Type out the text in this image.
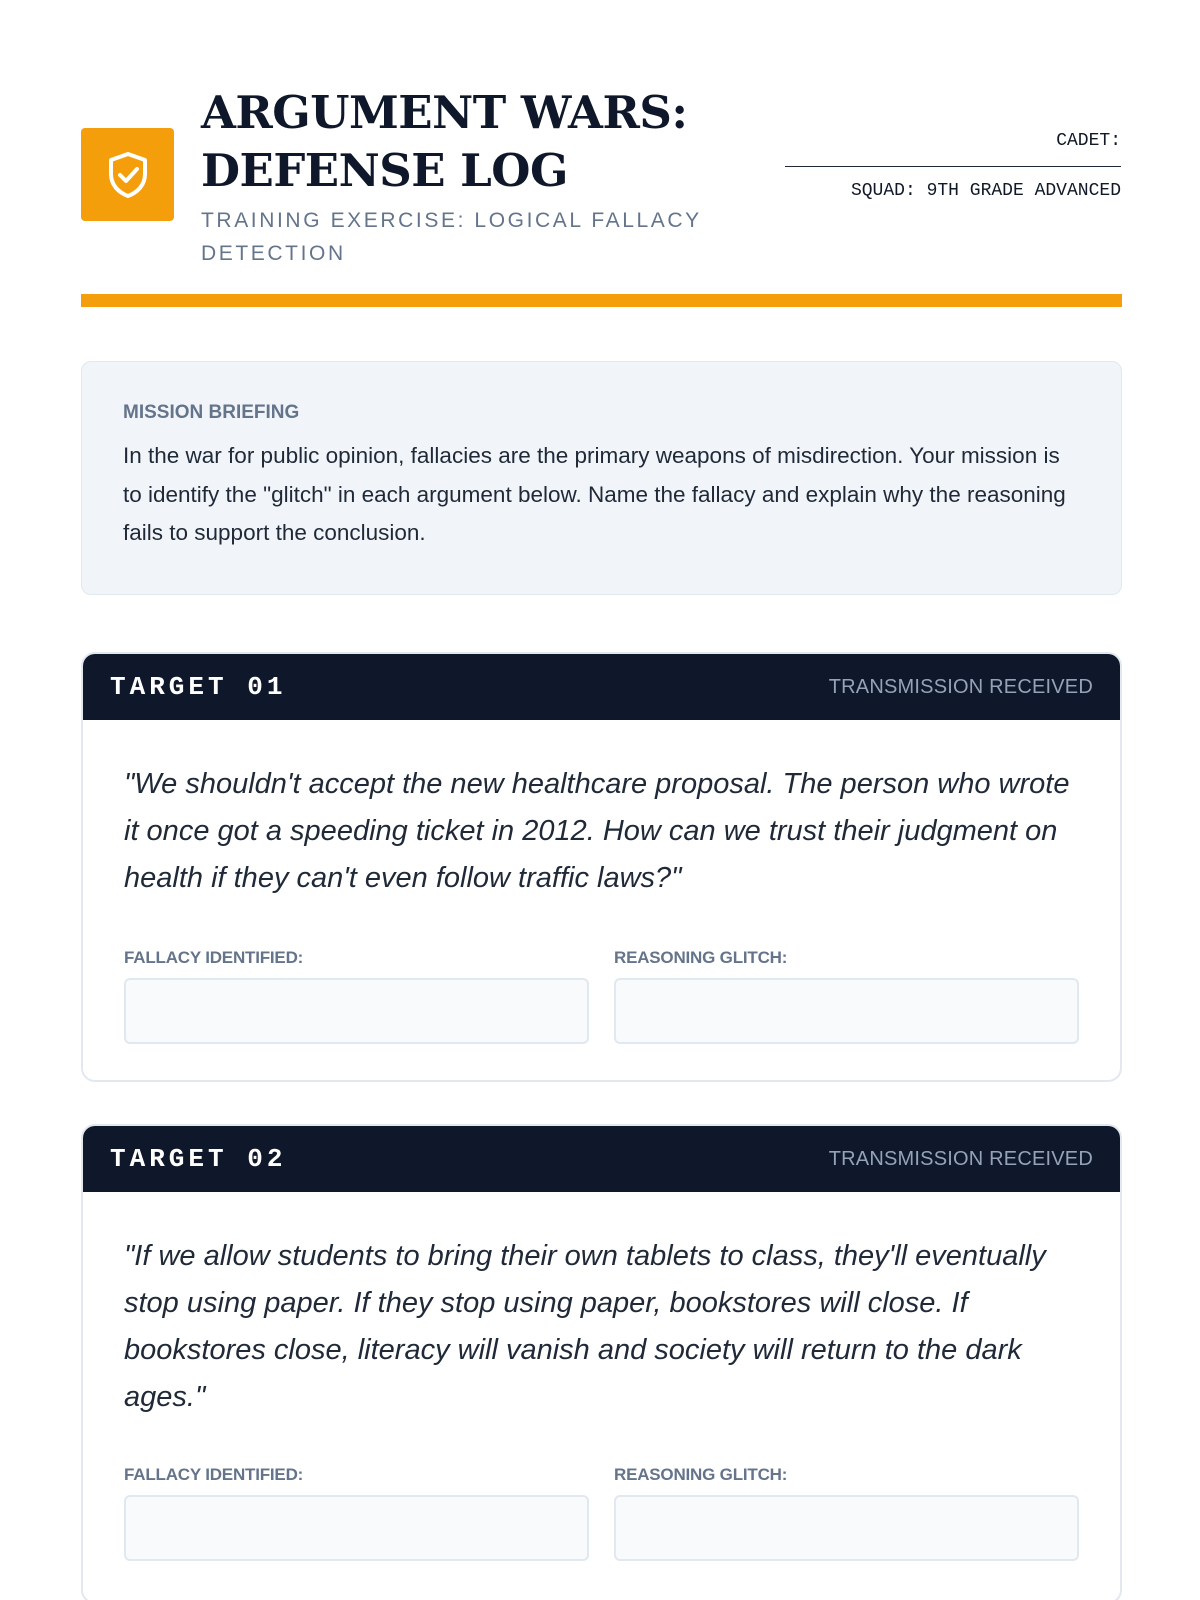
ARGUMENT WARS: DEFENSE LOG
TRAINING EXERCISE: LOGICAL FALLACY DETECTION
CADET:
SQUAD: 9TH GRADE ADVANCED

MISSION BRIEFING

In the war for public opinion, fallacies are the primary weapons of misdirection. Your mission is to identify the "glitch" in each argument below. Name the fallacy and explain why the reasoning fails to support the conclusion.

TARGET 01	TRANSMISSION RECEIVED

"We shouldn't accept the new healthcare proposal. The person who wrote it once got a speeding ticket in 2012. How can we trust their judgment on health if they can't even follow traffic laws?"

FALLACY IDENTIFIED:	REASONING GLITCH:
TARGET 02	TRANSMISSION RECEIVED

"If we allow students to bring their own tablets to class, they'll eventually stop using paper. If they stop using paper, bookstores will close. If bookstores close, literacy will vanish and society will return to the dark ages."

FALLACY IDENTIFIED:	REASONING GLITCH:
